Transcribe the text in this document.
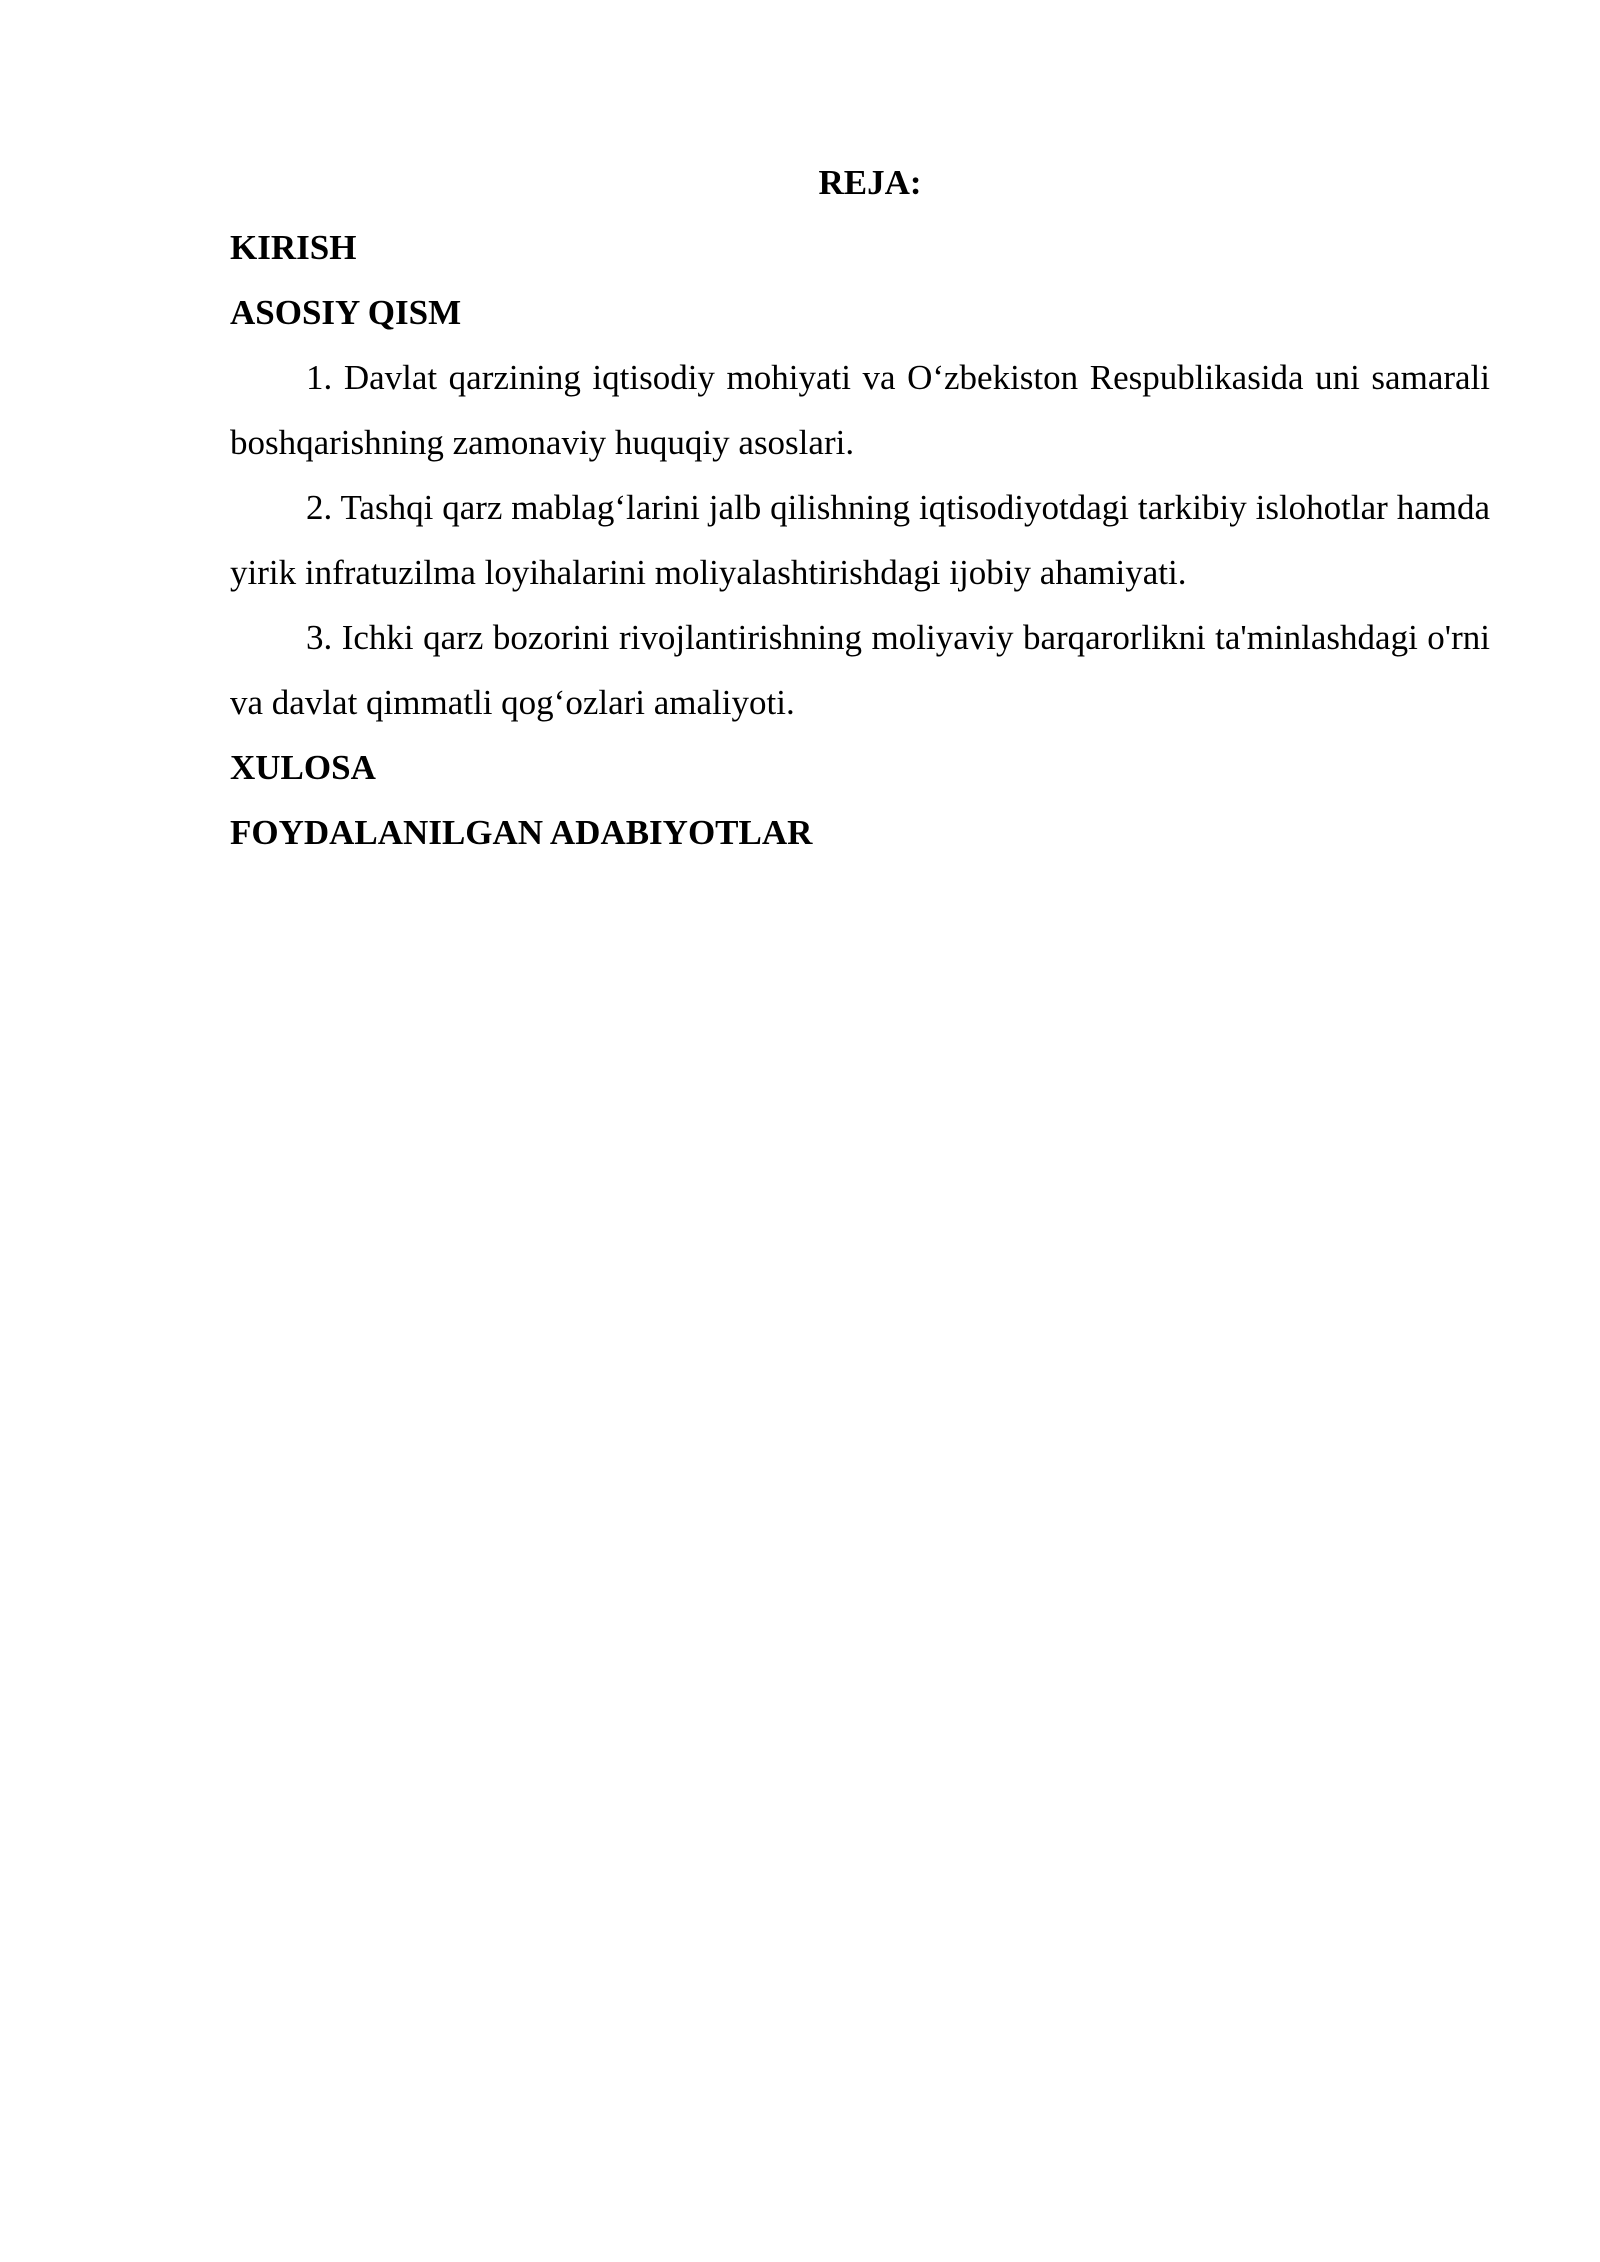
REJA:

KIRISH

ASOSIY QISM

1. Davlat qarzining iqtisodiy mohiyati va O‘zbekiston Respublikasida uni samarali boshqarishning zamonaviy huquqiy asoslari.

2. Tashqi qarz mablag‘larini jalb qilishning iqtisodiyotdagi tarkibiy islohotlar hamda yirik infratuzilma loyihalarini moliyalashtirishdagi ijobiy ahamiyati.

3. Ichki qarz bozorini rivojlantirishning moliyaviy barqarorlikni ta'minlashdagi o'rni va davlat qimmatli qog‘ozlari amaliyoti.

XULOSA

FOYDALANILGAN ADABIYOTLAR
